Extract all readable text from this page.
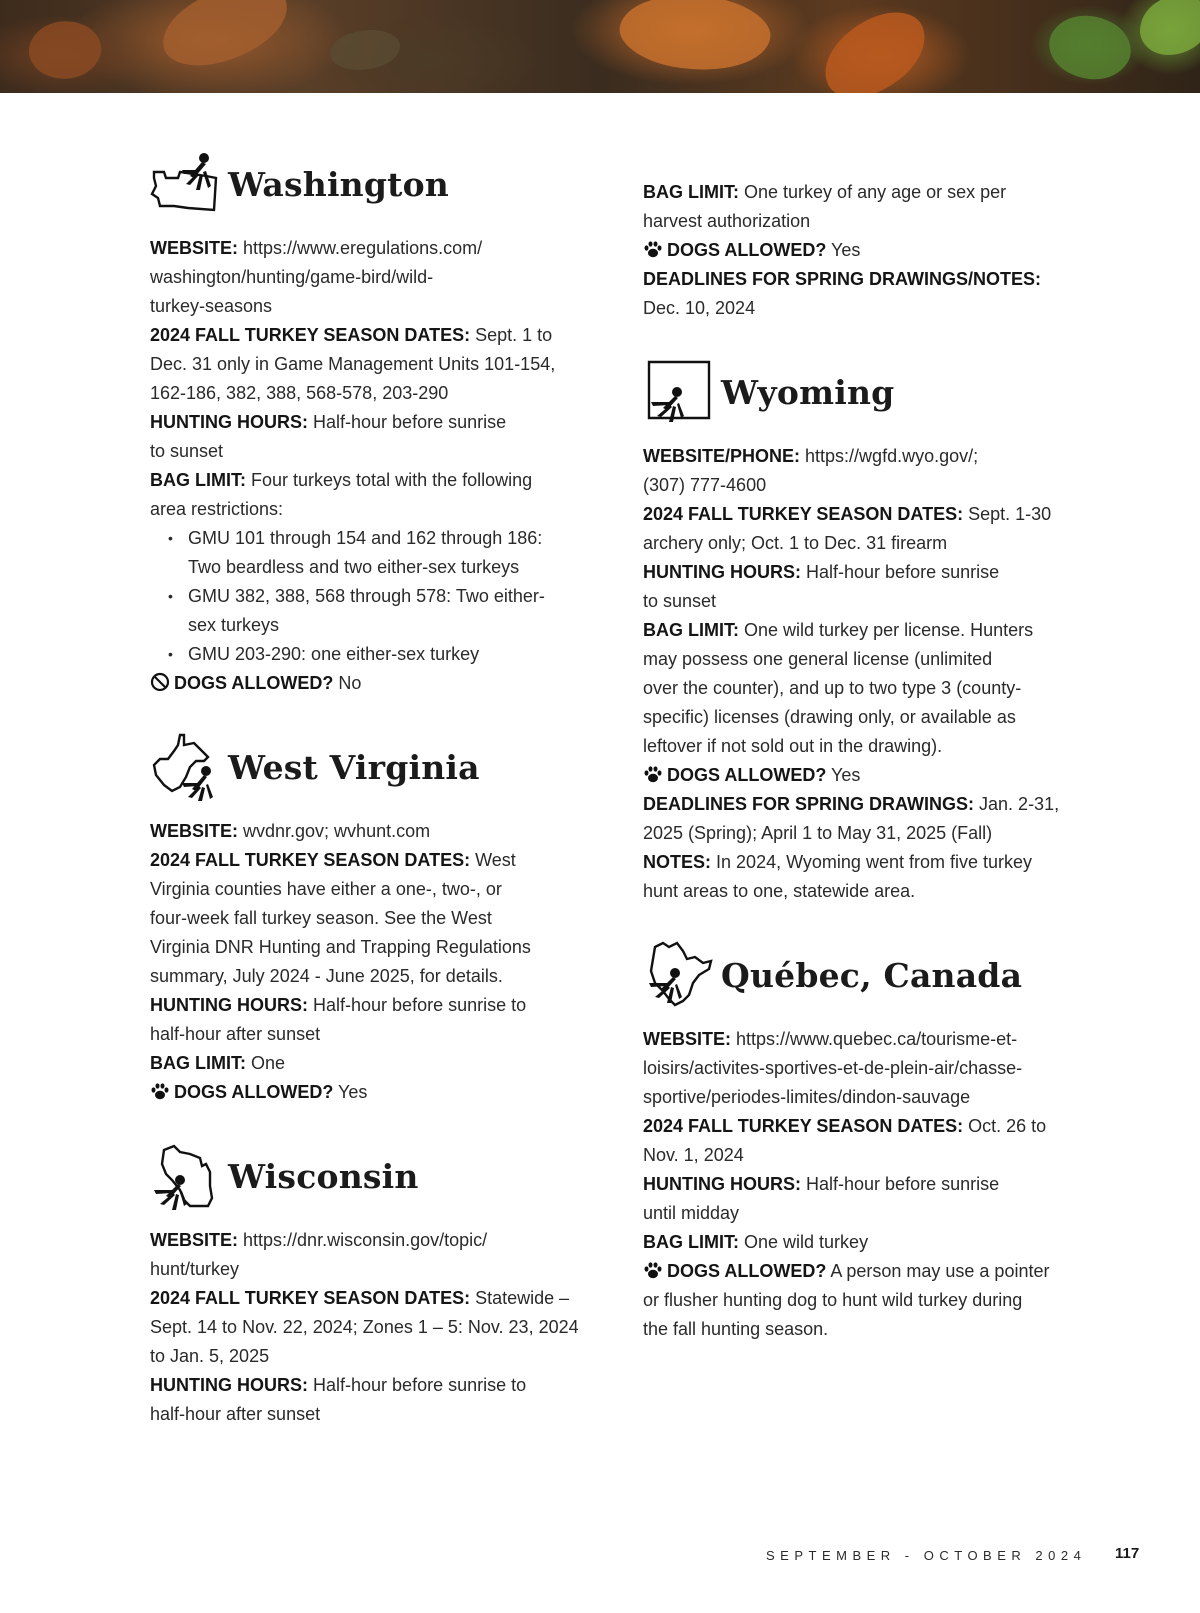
Washington

WEBSITE: https://www.eregulations.com/

washington/hunting/game-bird/wild-

turkey-seasons

2024 FALL TURKEY SEASON DATES: Sept. 1 to

Dec. 31 only in Game Management Units 101-154,

162-186, 382, 388, 568-578, 203-290

HUNTING HOURS: Half-hour before sunrise

to sunset

BAG LIMIT: Four turkeys total with the following

area restrictions:

• GMU 101 through 154 and 162 through 186:
Two beardless and two either-sex turkeys
• GMU 382, 388, 568 through 578: Two either-
sex turkeys
• GMU 203-290: one either-sex turkey

DOGS ALLOWED? No

West Virginia

WEBSITE: wvdnr.gov; wvhunt.com

2024 FALL TURKEY SEASON DATES: West

Virginia counties have either a one-, two-, or

four-week fall turkey season. See the West

Virginia DNR Hunting and Trapping Regulations

summary, July 2024 - June 2025, for details.

HUNTING HOURS: Half-hour before sunrise to

half-hour after sunset

BAG LIMIT: One

DOGS ALLOWED? Yes

Wisconsin

WEBSITE: https://dnr.wisconsin.gov/topic/

hunt/turkey

2024 FALL TURKEY SEASON DATES: Statewide –

Sept. 14 to Nov. 22, 2024; Zones 1 – 5: Nov. 23, 2024

to Jan. 5, 2025

HUNTING HOURS: Half-hour before sunrise to

half-hour after sunset

BAG LIMIT: One turkey of any age or sex per

harvest authorization

DOGS ALLOWED? Yes

DEADLINES FOR SPRING DRAWINGS/NOTES:

Dec. 10, 2024

Wyoming

WEBSITE/PHONE: https://wgfd.wyo.gov/;

(307) 777-4600

2024 FALL TURKEY SEASON DATES: Sept. 1-30

archery only; Oct. 1 to Dec. 31 firearm

HUNTING HOURS: Half-hour before sunrise

to sunset

BAG LIMIT: One wild turkey per license. Hunters

may possess one general license (unlimited

over the counter), and up to two type 3 (county-

specific) licenses (drawing only, or available as

leftover if not sold out in the drawing).

DOGS ALLOWED? Yes

DEADLINES FOR SPRING DRAWINGS: Jan. 2-31,

2025 (Spring); April 1 to May 31, 2025 (Fall)

NOTES: In 2024, Wyoming went from five turkey

hunt areas to one, statewide area.

Québec, Canada

WEBSITE: https://www.quebec.ca/tourisme-et-

loisirs/activites-sportives-et-de-plein-air/chasse-

sportive/periodes-limites/dindon-sauvage

2024 FALL TURKEY SEASON DATES: Oct. 26 to

Nov. 1, 2024

HUNTING HOURS: Half-hour before sunrise

until midday

BAG LIMIT: One wild turkey

DOGS ALLOWED? A person may use a pointer

or flusher hunting dog to hunt wild turkey during

the fall hunting season.

SEPTEMBER - OCTOBER 2024 117
